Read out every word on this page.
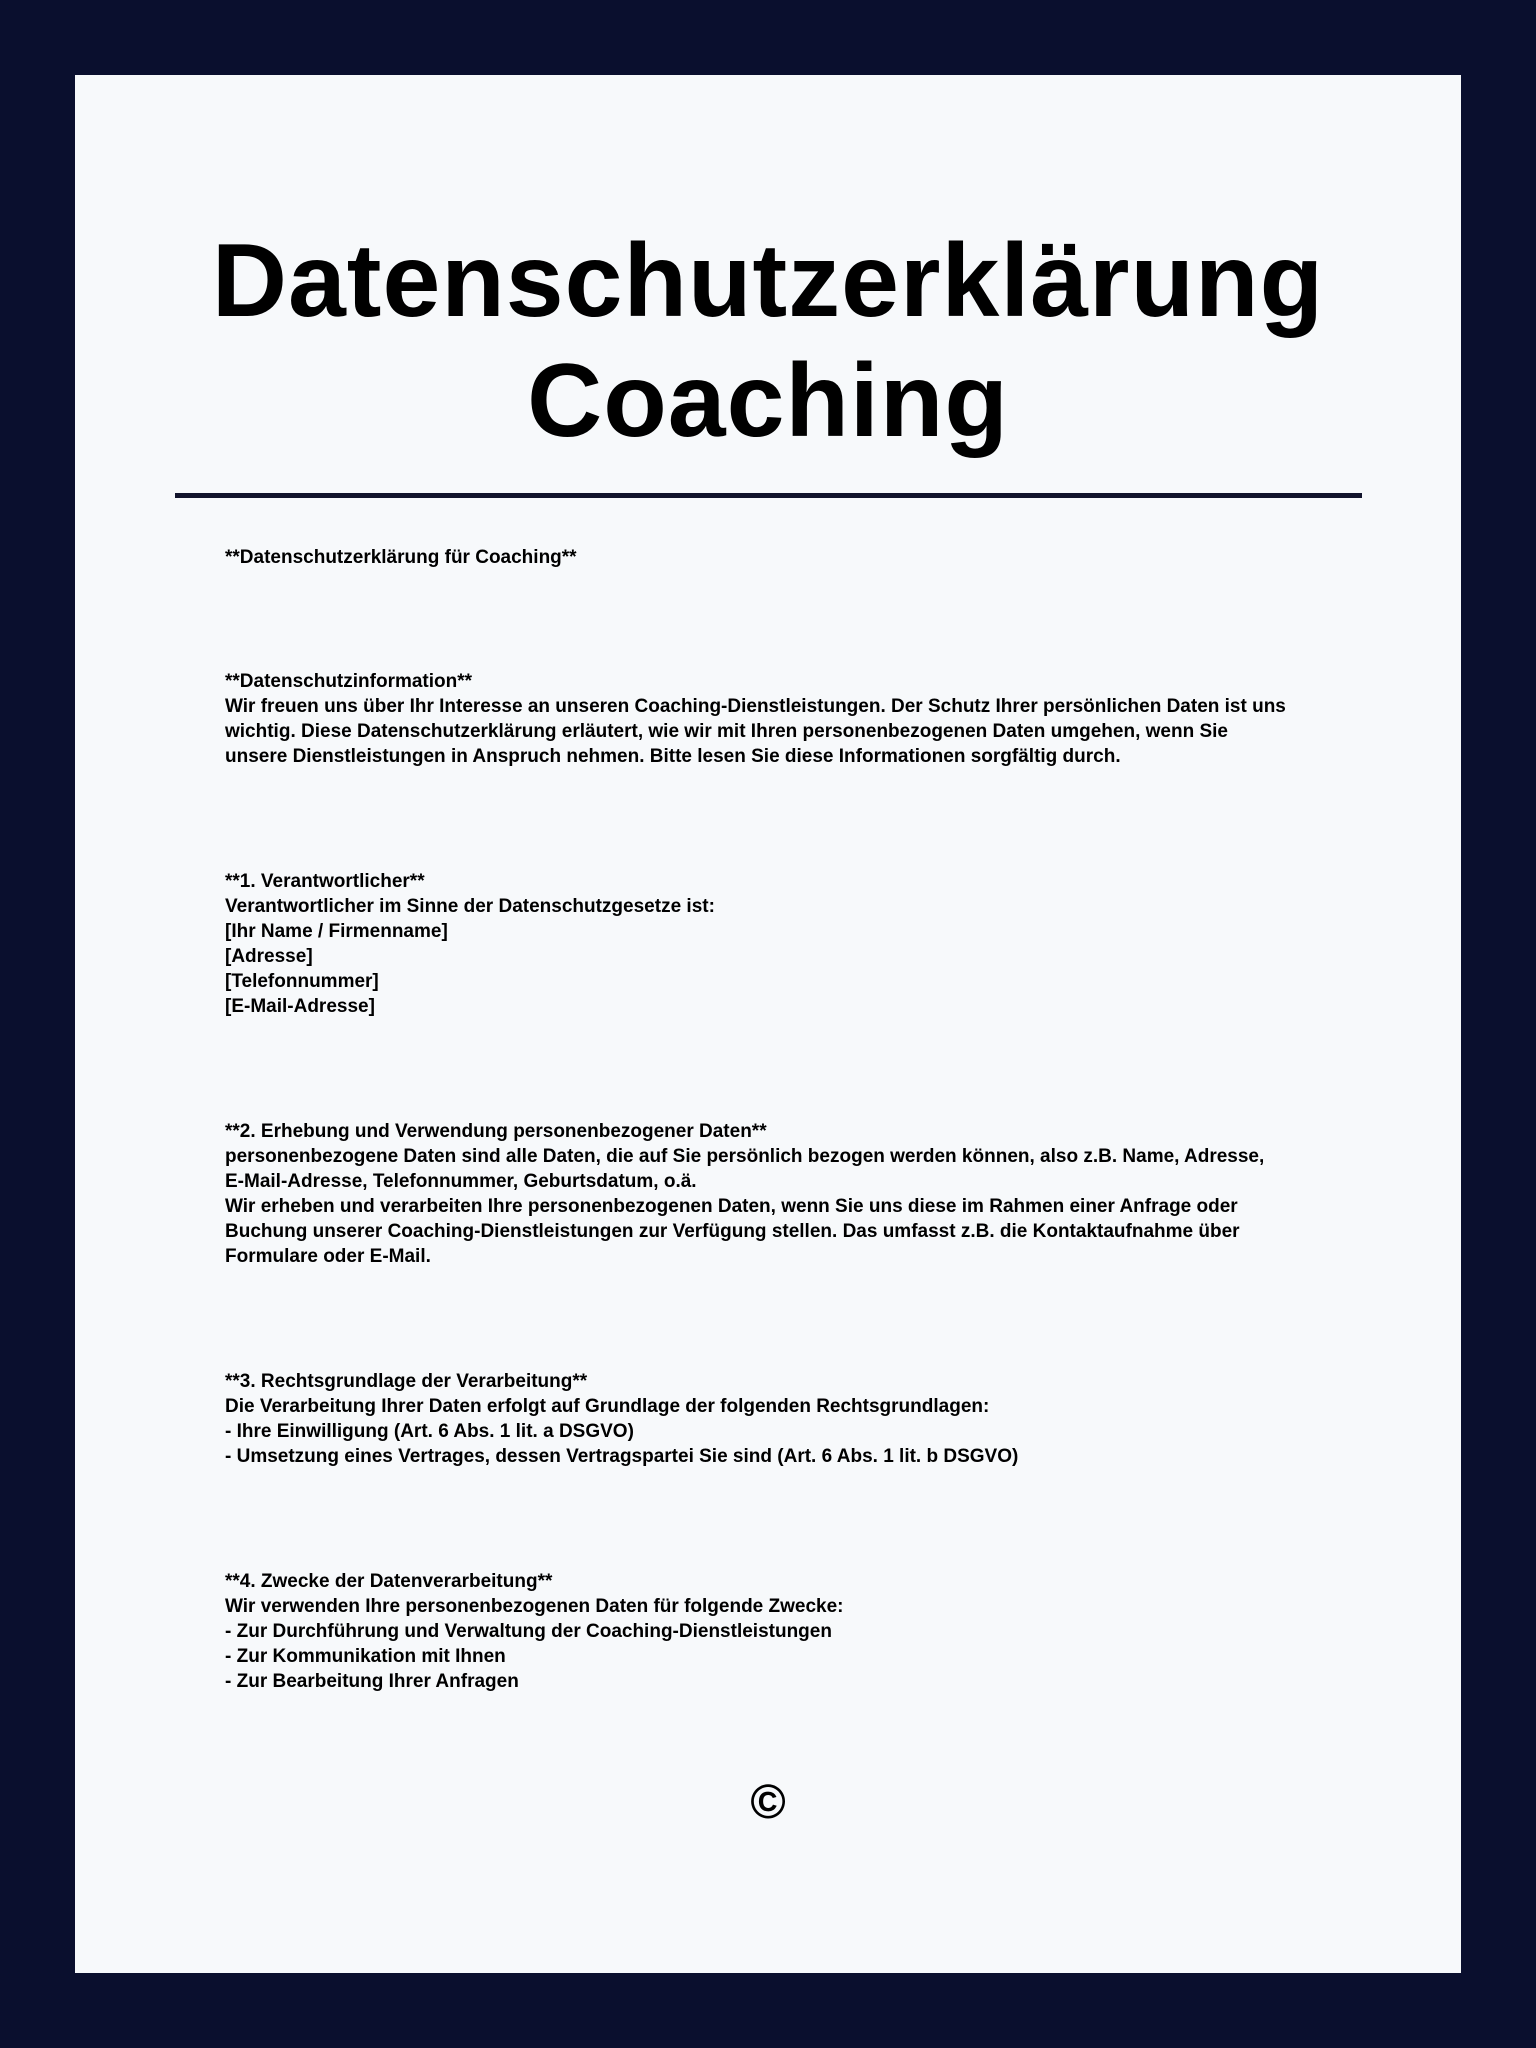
Datenschutzerklärung
Coaching

**Datenschutzerklärung für Coaching**

**Datenschutzinformation**
Wir freuen uns über Ihr Interesse an unseren Coaching-Dienstleistungen. Der Schutz Ihrer persönlichen Daten ist uns
wichtig. Diese Datenschutzerklärung erläutert, wie wir mit Ihren personenbezogenen Daten umgehen, wenn Sie
unsere Dienstleistungen in Anspruch nehmen. Bitte lesen Sie diese Informationen sorgfältig durch.
**1. Verantwortlicher**
Verantwortlicher im Sinne der Datenschutzgesetze ist:
[Ihr Name / Firmenname]
[Adresse]
[Telefonnummer]
[E-Mail-Adresse]
**2. Erhebung und Verwendung personenbezogener Daten**
personenbezogene Daten sind alle Daten, die auf Sie persönlich bezogen werden können, also z.B. Name, Adresse,
E-Mail-Adresse, Telefonnummer, Geburtsdatum, o.ä.
Wir erheben und verarbeiten Ihre personenbezogenen Daten, wenn Sie uns diese im Rahmen einer Anfrage oder
Buchung unserer Coaching-Dienstleistungen zur Verfügung stellen. Das umfasst z.B. die Kontaktaufnahme über
Formulare oder E-Mail.
**3. Rechtsgrundlage der Verarbeitung**
Die Verarbeitung Ihrer Daten erfolgt auf Grundlage der folgenden Rechtsgrundlagen:
- Ihre Einwilligung (Art. 6 Abs. 1 lit. a DSGVO)
- Umsetzung eines Vertrages, dessen Vertragspartei Sie sind (Art. 6 Abs. 1 lit. b DSGVO)
**4. Zwecke der Datenverarbeitung**
Wir verwenden Ihre personenbezogenen Daten für folgende Zwecke:
- Zur Durchführung und Verwaltung der Coaching-Dienstleistungen
- Zur Kommunikation mit Ihnen
- Zur Bearbeitung Ihrer Anfragen
©
